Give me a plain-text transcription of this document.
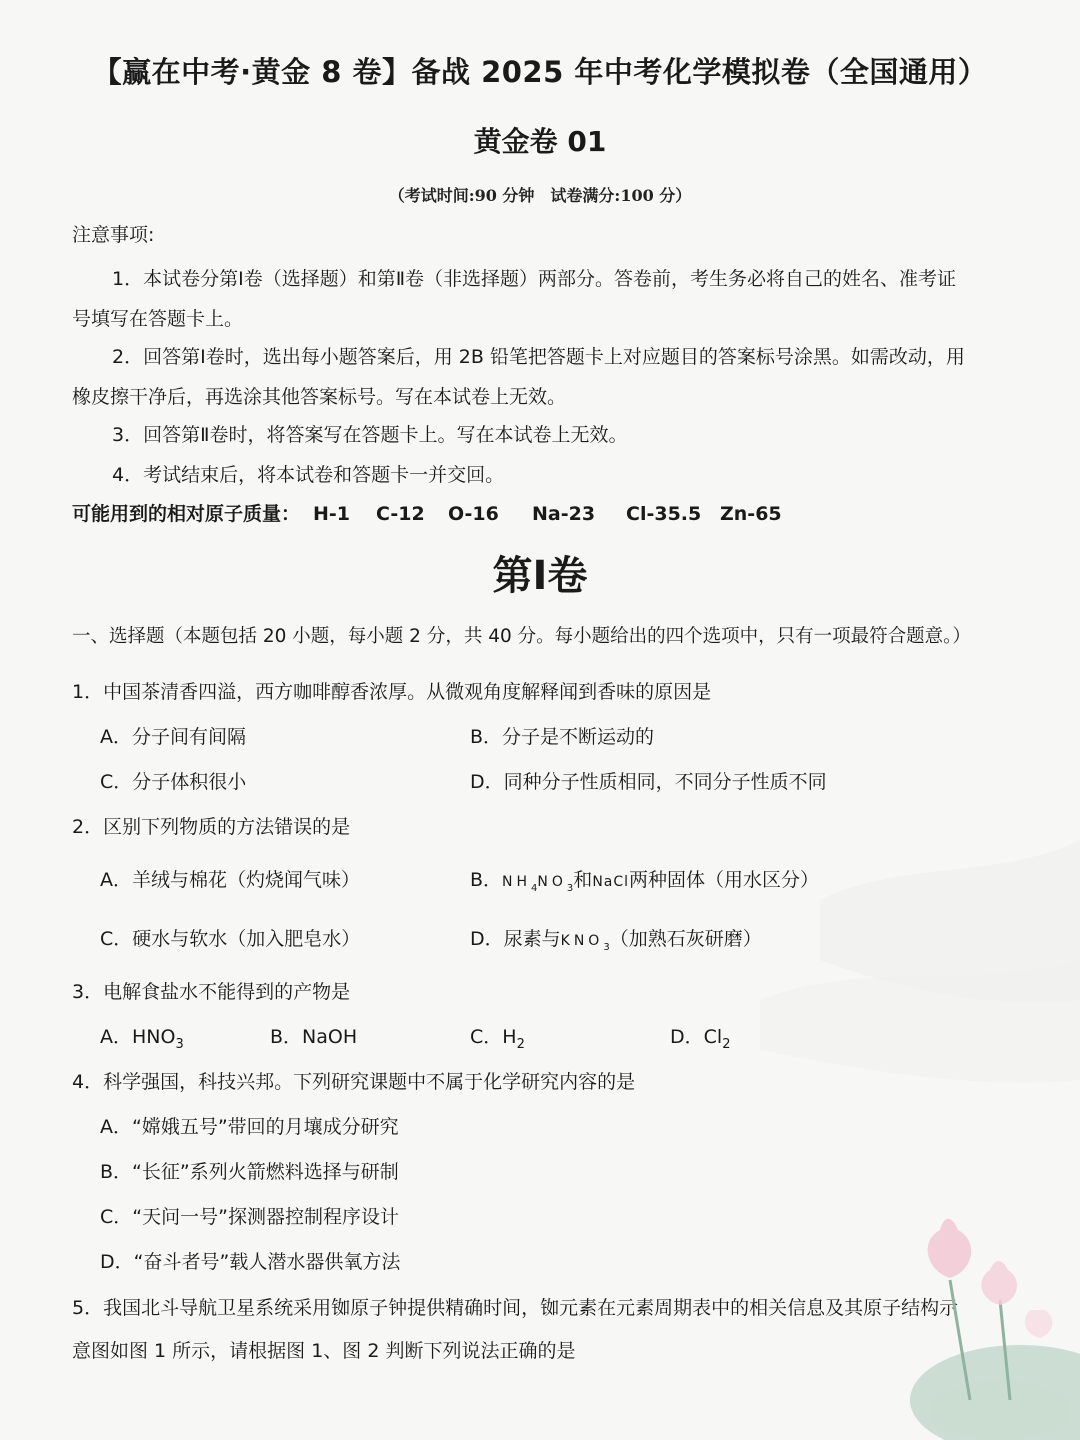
【赢在中考·黄金 8 卷】备战 2025 年中考化学模拟卷（全国通用）
黄金卷 01
（考试时间:90 分钟　试卷满分:100 分）
注意事项:
1．本试卷分第Ⅰ卷（选择题）和第Ⅱ卷（非选择题）两部分。答卷前，考生务必将自己的姓名、准考证
号填写在答题卡上。
2．回答第Ⅰ卷时，选出每小题答案后，用 2B 铅笔把答题卡上对应题目的答案标号涂黑。如需改动，用
橡皮擦干净后，再选涂其他答案标号。写在本试卷上无效。
3．回答第Ⅱ卷时，将答案写在答题卡上。写在本试卷上无效。
4．考试结束后，将本试卷和答题卡一并交回。
可能用到的相对原子质量： H-1 C-12 O-16 Na-23 Cl-35.5 Zn-65
第Ⅰ卷
一、选择题（本题包括 20 小题，每小题 2 分，共 40 分。每小题给出的四个选项中，只有一项最符合题意。）
1．中国茶清香四溢，西方咖啡醇香浓厚。从微观角度解释闻到香味的原因是
A．分子间有间隔	B．分子是不断运动的
C．分子体积很小	D．同种分子性质相同，不同分子性质不同
2．区别下列物质的方法错误的是
A．羊绒与棉花（灼烧闻气味）	B．$NH_4NO_3$和NaCl两种固体（用水区分）
C．硬水与软水（加入肥皂水）	D．尿素与$KNO_3$（加熟石灰研磨）
3．电解食盐水不能得到的产物是
A．$HNO_3$	B．NaOH	C．$H_2$	D．$Cl_2$
4．科学强国，科技兴邦。下列研究课题中不属于化学研究内容的是
A．“嫦娥五号”带回的月壤成分研究
B．“长征”系列火箭燃料选择与研制
C．“天问一号”探测器控制程序设计
D．“奋斗者号”载人潜水器供氧方法
5．我国北斗导航卫星系统采用铷原子钟提供精确时间，铷元素在元素周期表中的相关信息及其原子结构示
意图如图 1 所示，请根据图 1、图 2 判断下列说法正确的是
